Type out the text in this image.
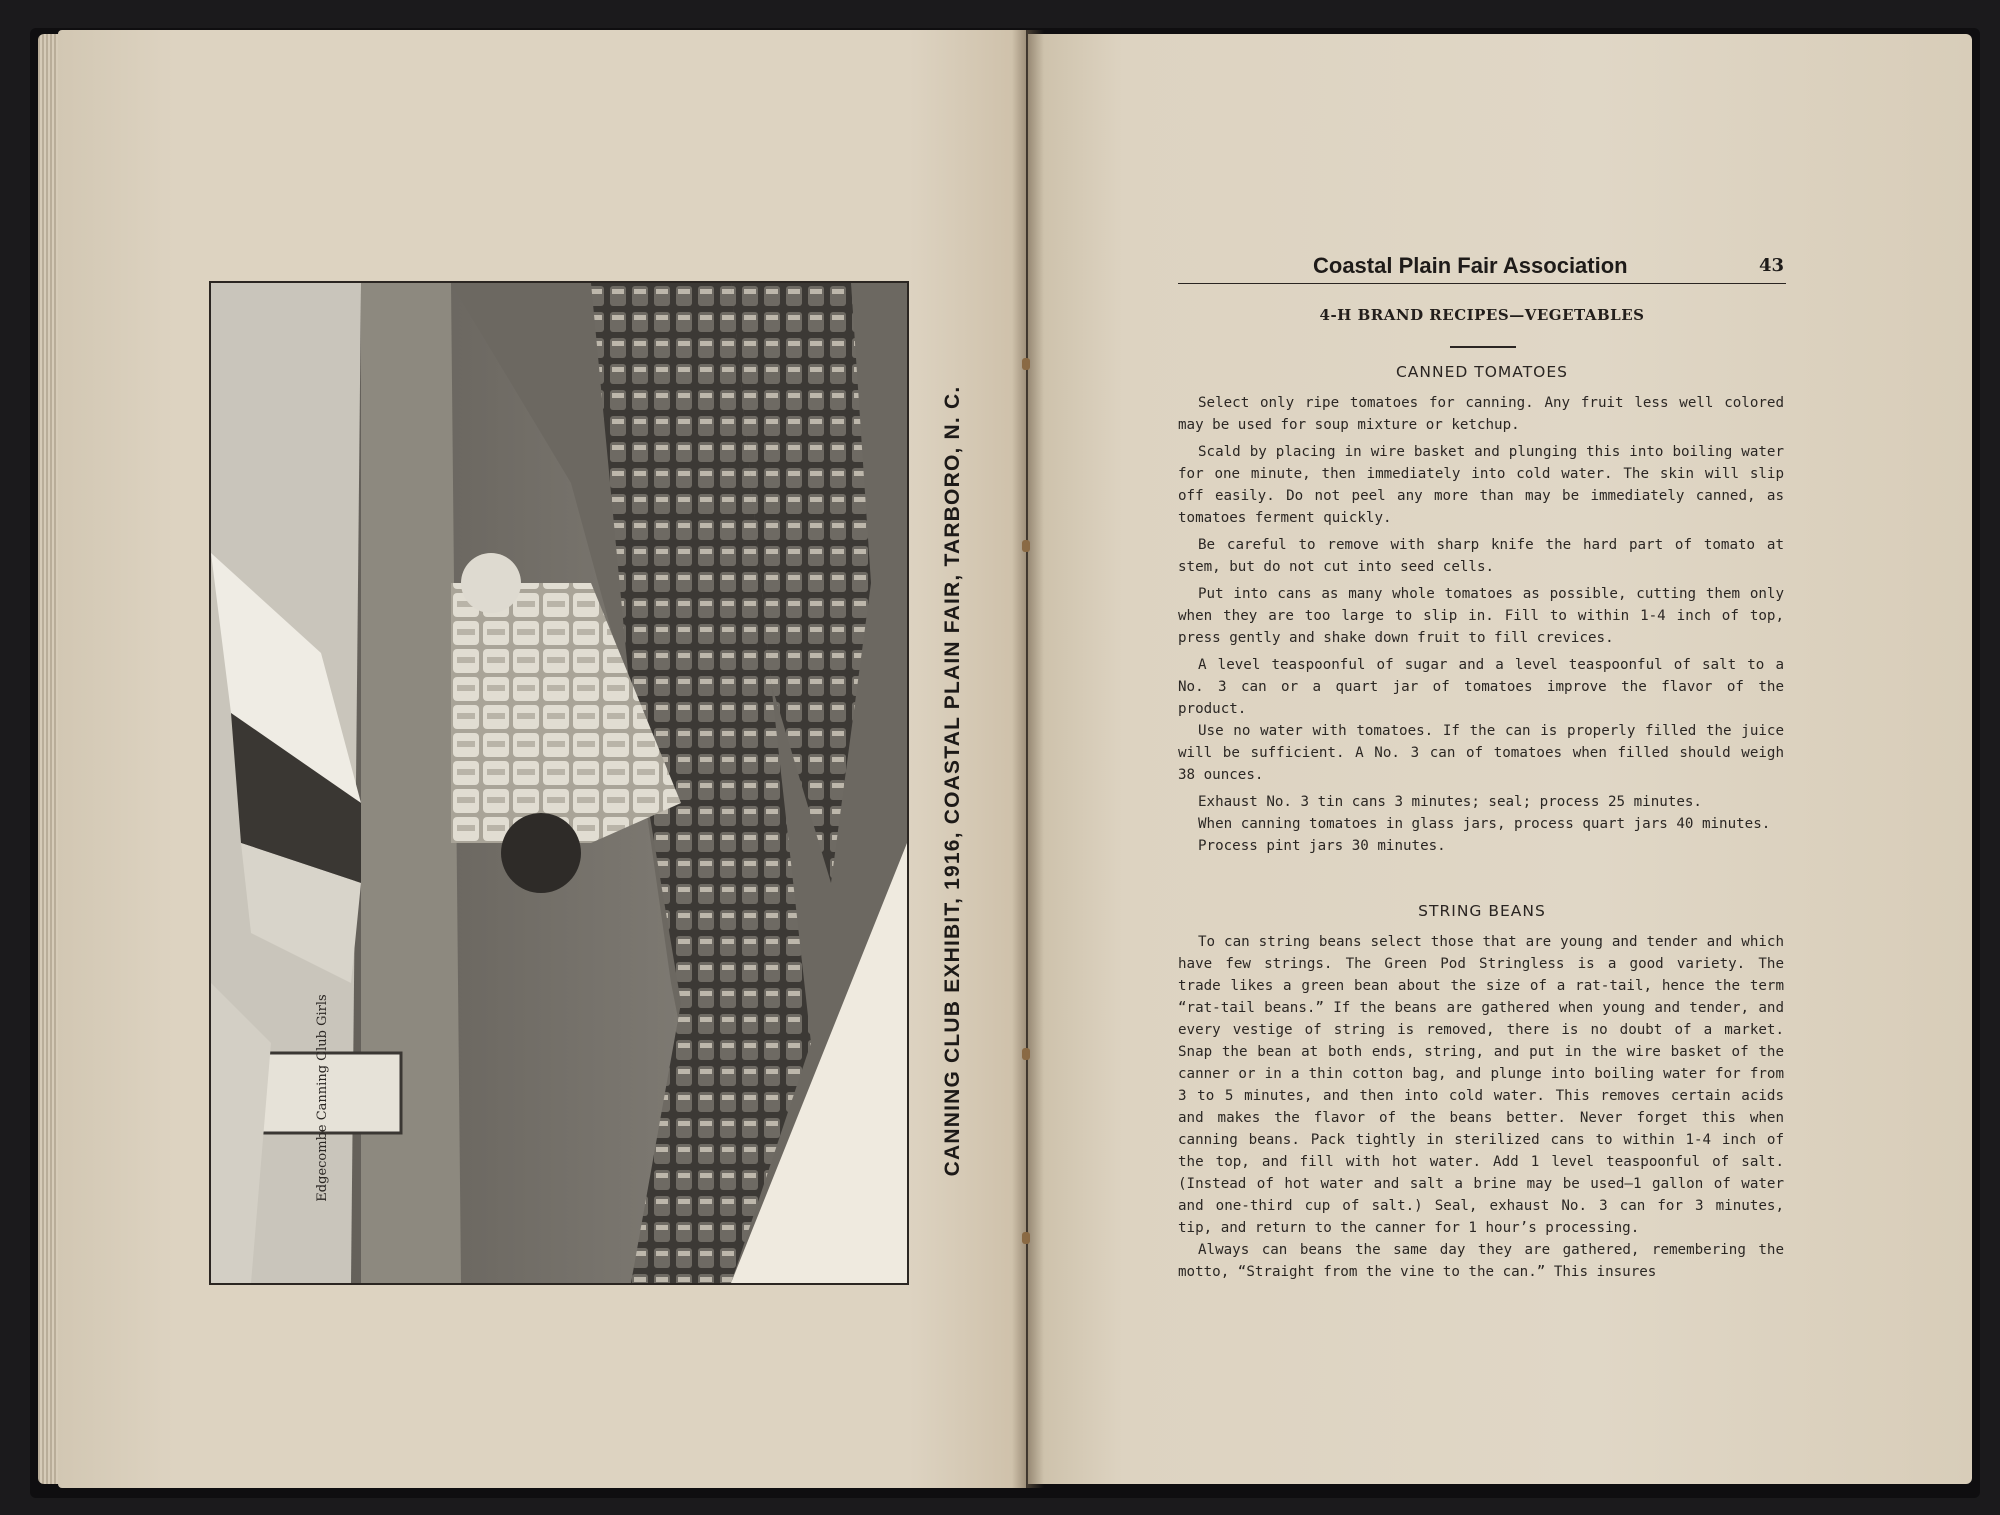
Edgecombe Canning Club Girls	CANNING CLUB EXHIBIT, 1916, COASTAL PLAIN FAIR, TARBORO, N. C.
Coastal Plain Fair Association	43
4-H BRAND RECIPES—VEGETABLES
CANNED TOMATOES

Select only ripe tomatoes for canning. Any fruit less well colored may be used for soup mixture or ketchup.

Scald by placing in wire basket and plunging this into boiling water for one minute, then immediately into cold water. The skin will slip off easily. Do not peel any more than may be immediately canned, as tomatoes ferment quickly.

Be careful to remove with sharp knife the hard part of tomato at stem, but do not cut into seed cells.

Put into cans as many whole tomatoes as possible, cutting them only when they are too large to slip in. Fill to within 1-4 inch of top, press gently and shake down fruit to fill crevices.

A level teaspoonful of sugar and a level teaspoonful of salt to a No. 3 can or a quart jar of tomatoes improve the flavor of the product.

Use no water with tomatoes. If the can is properly filled the juice will be sufficient. A No. 3 can of tomatoes when filled should weigh 38 ounces.

Exhaust No. 3 tin cans 3 minutes; seal; process 25 minutes.

When canning tomatoes in glass jars, process quart jars 40 minutes.

Process pint jars 30 minutes.

STRING BEANS

To can string beans select those that are young and tender and which have few strings. The Green Pod Stringless is a good variety. The trade likes a green bean about the size of a rat-tail, hence the term “rat-tail beans.” If the beans are gathered when young and tender, and every vestige of string is removed, there is no doubt of a market. Snap the bean at both ends, string, and put in the wire basket of the canner or in a thin cotton bag, and plunge into boiling water for from 3 to 5 minutes, and then into cold water. This removes certain acids and makes the flavor of the beans better. Never forget this when canning beans. Pack tightly in sterilized cans to within 1-4 inch of the top, and fill with hot water. Add 1 level teaspoonful of salt. (Instead of hot water and salt a brine may be used—1 gallon of water and one-third cup of salt.) Seal, exhaust No. 3 can for 3 minutes, tip, and return to the canner for 1 hour’s processing.

Always can beans the same day they are gathered, remembering the motto, “Straight from the vine to the can.” This insures
